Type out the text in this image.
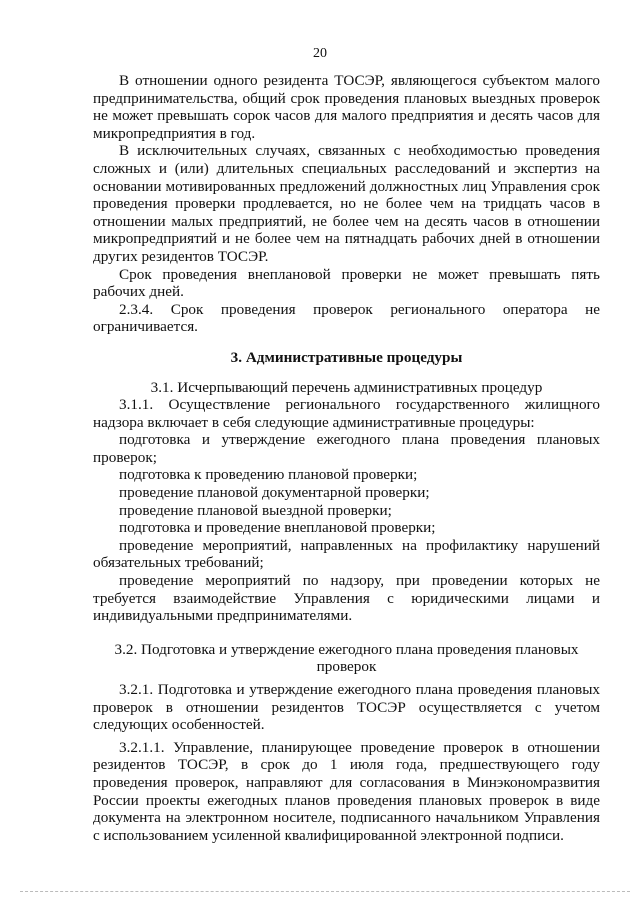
20

В отношении одного резидента ТОСЭР, являющегося субъектом малого предпринимательства, общий срок проведения плановых выездных проверок не может превышать сорок часов для малого предприятия и десять часов для микропредприятия в год.

В исключительных случаях, связанных с необходимостью проведения сложных и (или) длительных специальных расследований и экспертиз на основании мотивированных предложений должностных лиц Управления срок проведения проверки продлевается, но не более чем на тридцать часов в отношении малых предприятий, не более чем на десять часов в отношении микропредприятий и не более чем на пятнадцать рабочих дней в отношении других резидентов ТОСЭР.

Срок проведения внеплановой проверки не может превышать пять рабочих дней.

2.3.4. Срок проведения проверок регионального оператора не ограничивается.

3. Административные процедуры

3.1. Исчерпывающий перечень административных процедур

3.1.1. Осуществление регионального государственного жилищного надзора включает в себя следующие административные процедуры:

подготовка и утверждение ежегодного плана проведения плановых проверок;

подготовка к проведению плановой проверки;

проведение плановой документарной проверки;

проведение плановой выездной проверки;

подготовка и проведение внеплановой проверки;

проведение мероприятий, направленных на профилактику нарушений обязательных требований;

проведение мероприятий по надзору, при проведении которых не требуется взаимодействие Управления с юридическими лицами и индивидуальными предпринимателями.

3.2. Подготовка и утверждение ежегодного плана проведения плановых проверок

3.2.1. Подготовка и утверждение ежегодного плана проведения плановых проверок в отношении резидентов ТОСЭР осуществляется с учетом следующих особенностей.

3.2.1.1. Управление, планирующее проведение проверок в отношении резидентов ТОСЭР, в срок до 1 июля года, предшествующего году проведения проверок, направляют для согласования в Минэкономразвития России проекты ежегодных планов проведения плановых проверок в виде документа на электронном носителе, подписанного начальником Управления с использованием усиленной квалифицированной электронной подписи.
